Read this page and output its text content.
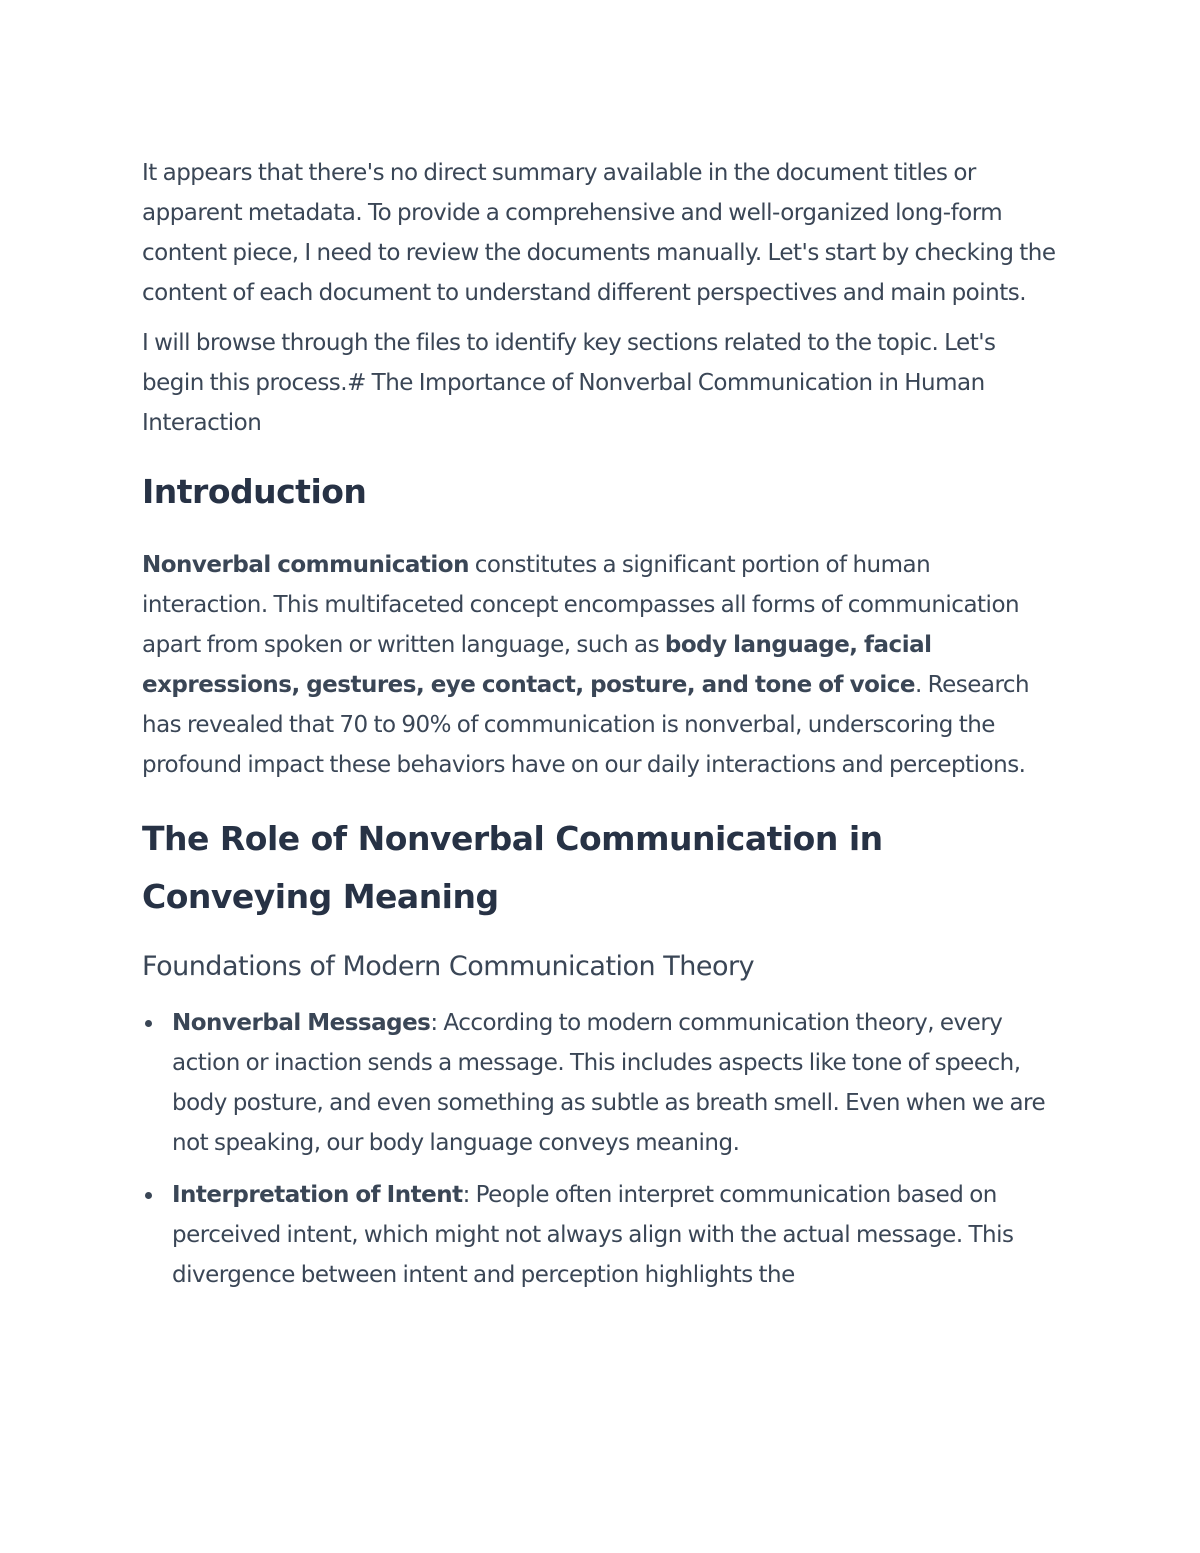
It appears that there's no direct summary available in the document titles or apparent metadata. To provide a comprehensive and well-organized long-form content piece, I need to review the documents manually. Let's start by checking the content of each document to understand different perspectives and main points.

I will browse through the files to identify key sections related to the topic. Let's begin this process.# The Importance of Nonverbal Communication in Human Interaction

Introduction

Nonverbal communication constitutes a significant portion of human interaction. This multifaceted concept encompasses all forms of communication apart from spoken or written language, such as body language, facial expressions, gestures, eye contact, posture, and tone of voice. Research has revealed that 70 to 90% of communication is nonverbal, underscoring the profound impact these behaviors have on our daily interactions and perceptions.

The Role of Nonverbal Communication in Conveying Meaning
Foundations of Modern Communication Theory

Nonverbal Messages: According to modern communication theory, every action or inaction sends a message. This includes aspects like tone of speech, body posture, and even something as subtle as breath smell. Even when we are not speaking, our body language conveys meaning.

Interpretation of Intent: People often interpret communication based on perceived intent, which might not always align with the actual message. This divergence between intent and perception highlights the
